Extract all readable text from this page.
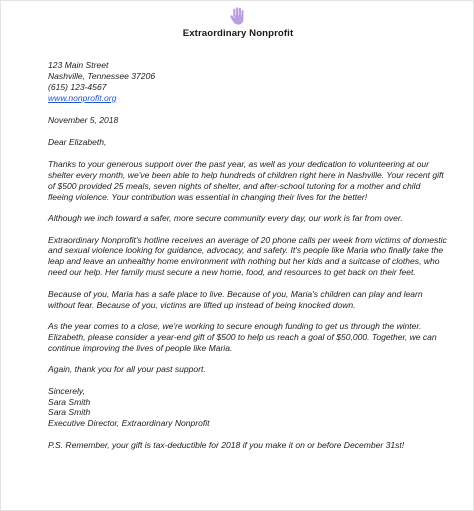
Extraordinary Nonprofit
123 Main Street
Nashville, Tennessee 37206
(615) 123-4567
www.nonprofit.org
November 5, 2018
Dear Elizabeth,

Thanks to your generous support over the past year, as well as your dedication to volunteering at our
shelter every month, we've been able to help hundreds of children right here in Nashville. Your recent gift
of $500 provided 25 meals, seven nights of shelter, and after-school tutoring for a mother and child
fleeing violence. Your contribution was essential in changing their lives for the better!

Although we inch toward a safer, more secure community every day, our work is far from over.

Extraordinary Nonprofit's hotline receives an average of 20 phone calls per week from victims of domestic
and sexual violence looking for guidance, advocacy, and safety. It's people like Maria who finally take the
leap and leave an unhealthy home environment with nothing but her kids and a suitcase of clothes, who
need our help. Her family must secure a new home, food, and resources to get back on their feet.

Because of you, Maria has a safe place to live. Because of you, Maria's children can play and learn
without fear. Because of you, victims are lifted up instead of being knocked down.

As the year comes to a close, we're working to secure enough funding to get us through the winter.
Elizabeth, please consider a year-end gift of $500 to help us reach a goal of $50,000. Together, we can
continue improving the lives of people like Maria.

Again, thank you for all your past support.

Sincerely,
Sara Smith
Sara Smith
Executive Director, Extraordinary Nonprofit
P.S. Remember, your gift is tax-deductible for 2018 if you make it on or before December 31st!
